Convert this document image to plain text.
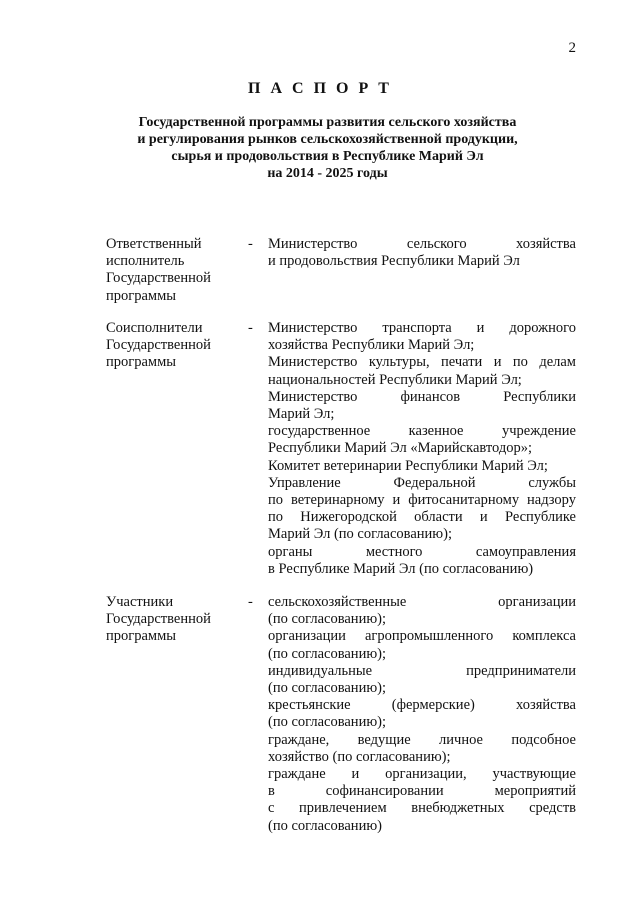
2
П А С П О Р Т
Государственной программы развития сельского хозяйства
и регулирования рынков сельскохозяйственной продукции,
сырья и продовольствия в Республике Марий Эл
на 2014 - 2025 годы
Ответственный
исполнитель
Государственной
программы
- Министерство сельского хозяйства
и продовольствия Республики Марий Эл
Соисполнители
Государственной
программы
- Министерство транспорта и дорожного
хозяйства Республики Марий Эл;
Министерство культуры, печати и по делам
национальностей Республики Марий Эл;
Министерство финансов Республики
Марий Эл;
государственное казенное учреждение
Республики Марий Эл «Марийскавтодор»;
Комитет ветеринарии Республики Марий Эл;
Управление Федеральной службы
по ветеринарному и фитосанитарному надзору
по Нижегородской области и Республике
Марий Эл (по согласованию);
органы местного самоуправления
в Республике Марий Эл (по согласованию)
Участники
Государственной
программы
- сельскохозяйственные организации
(по согласованию);
организации агропромышленного комплекса
(по согласованию);
индивидуальные предприниматели
(по согласованию);
крестьянские (фермерские) хозяйства
(по согласованию);
граждане, ведущие личное подсобное
хозяйство (по согласованию);
граждане и организации, участвующие
в софинансировании мероприятий
с привлечением внебюджетных средств
(по согласованию)
